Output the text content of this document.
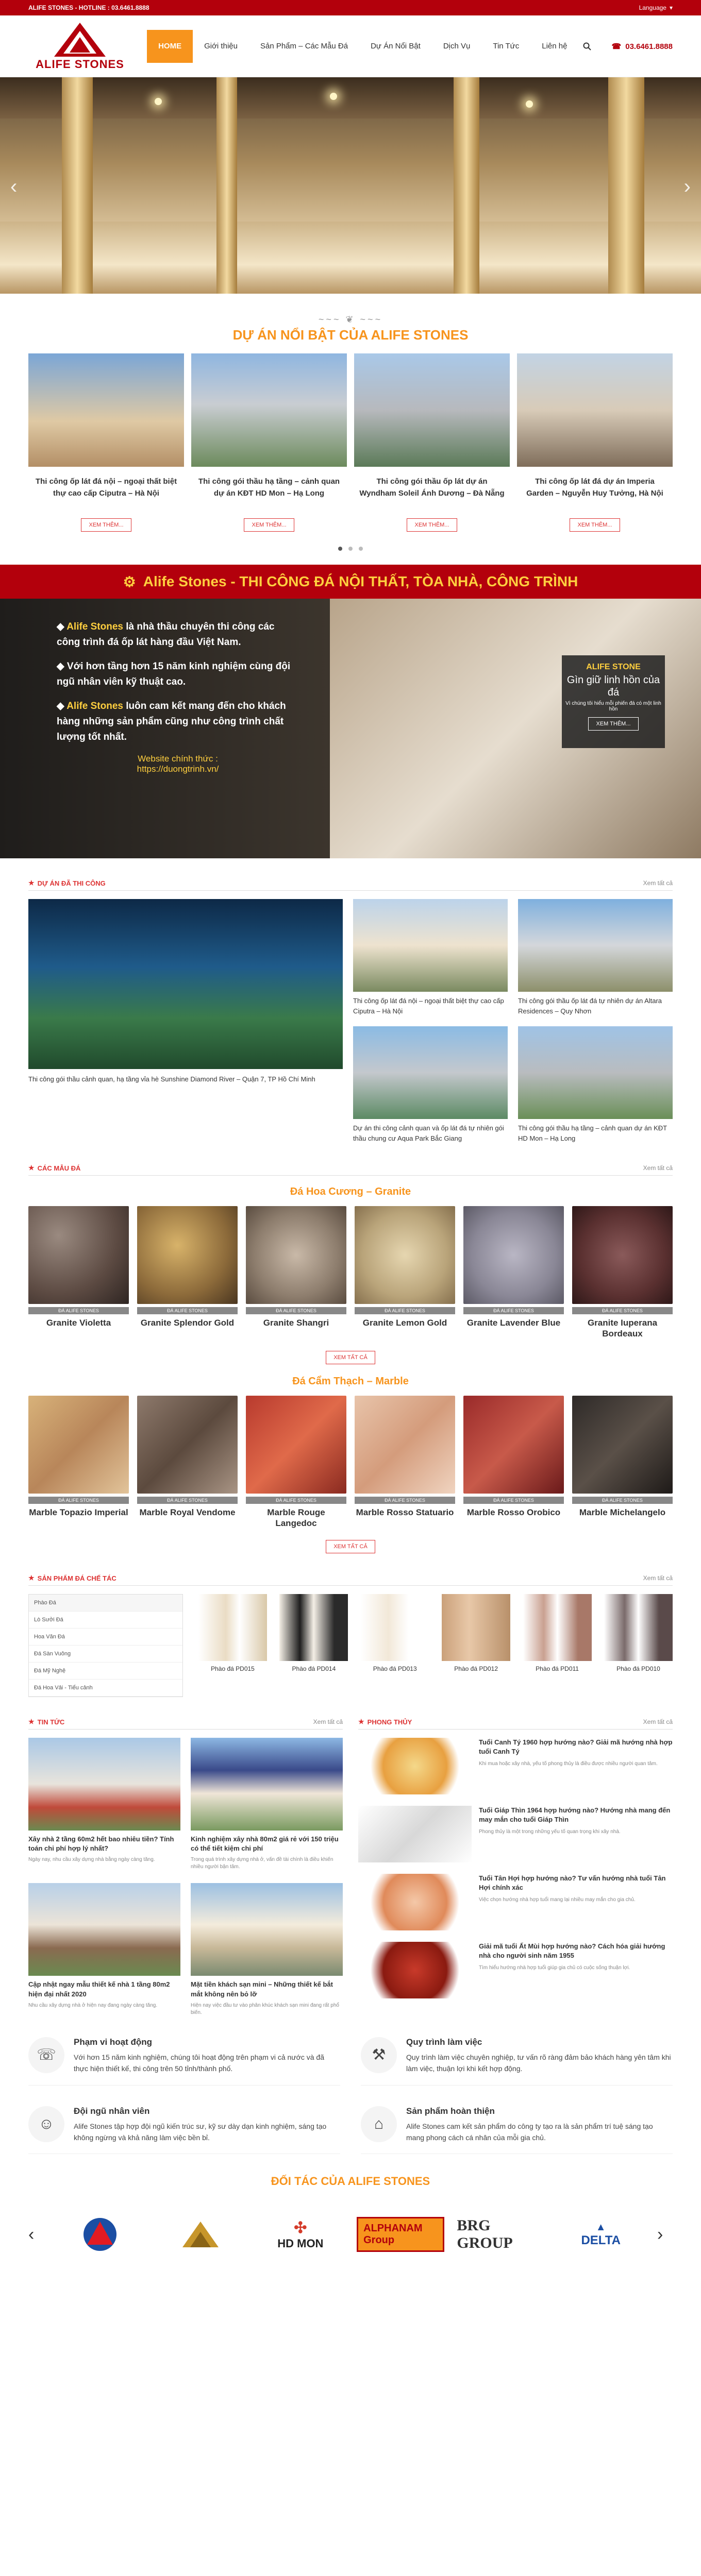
ALIFE STONES - HOTLINE : 03.6461.8888	Language ▾
ALIFE STONES
HOME	Giới thiệu	Sản Phẩm – Các Mẫu Đá	Dự Án Nổi Bật	Dịch Vụ	Tin Tức	Liên hệ	☎ 03.6461.8888
‹	›
~~~ ❦ ~~~
DỰ ÁN NỔI BẬT CỦA ALIFE STONES
Thi công ốp lát đá nội – ngoại thất biệt thự cao cấp Ciputra – Hà Nội
XEM THÊM...
Thi công gói thầu hạ tầng – cảnh quan dự án KĐT HD Mon – Hạ Long
XEM THÊM...
Thi công gói thầu ốp lát dự án Wyndham Soleil Ánh Dương – Đà Nẵng
XEM THÊM...
Thi công ốp lát đá dự án Imperia Garden – Nguyễn Huy Tưởng, Hà Nội
XEM THÊM...

⚙ Alife Stones - THI CÔNG ĐÁ NỘI THẤT, TÒA NHÀ, CÔNG TRÌNH

◆ Alife Stones là nhà thầu chuyên thi công các công trình đá ốp lát hàng đầu Việt Nam.

◆ Với hơn tầng hơn 15 năm kinh nghiệm cùng đội ngũ nhân viên kỹ thuật cao.

◆ Alife Stones luôn cam kết mang đến cho khách hàng những sản phẩm cũng như công trình chất lượng tốt nhất.

Website chính thức :
https://duongtrinh.vn/
ALIFE STONE
Gìn giữ linh hồn của đá
Vì chúng tôi hiểu mỗi phiến đá có một linh hồn
XEM THÊM...
★ DỰ ÁN ĐÃ THI CÔNG	Xem tất cả

Thi công gói thầu cảnh quan, hạ tầng vỉa hè Sunshine Diamond River – Quận 7, TP Hồ Chí Minh

Thi công ốp lát đá nội – ngoại thất biệt thự cao cấp Ciputra – Hà Nội

Thi công gói thầu ốp lát đá tự nhiên dự án Altara Residences – Quy Nhơn

Dự án thi công cảnh quan và ốp lát đá tự nhiên gói thầu chung cư Aqua Park Bắc Giang

Thi công gói thầu hạ tầng – cảnh quan dự án KĐT HD Mon – Hạ Long

★ CÁC MẪU ĐÁ	Xem tất cả
Đá Hoa Cương – Granite
ĐÁ ALIFE STONES
Granite Violetta
ĐÁ ALIFE STONES
Granite Splendor Gold
ĐÁ ALIFE STONES
Granite Shangri
ĐÁ ALIFE STONES
Granite Lemon Gold
ĐÁ ALIFE STONES
Granite Lavender Blue
ĐÁ ALIFE STONES
Granite Iuperana Bordeaux
XEM TẤT CẢ
Đá Cẩm Thạch – Marble
ĐÁ ALIFE STONES
Marble Topazio Imperial
ĐÁ ALIFE STONES
Marble Royal Vendome
ĐÁ ALIFE STONES
Marble Rouge Langedoc
ĐÁ ALIFE STONES
Marble Rosso Statuario
ĐÁ ALIFE STONES
Marble Rosso Orobico
ĐÁ ALIFE STONES
Marble Michelangelo
XEM TẤT CẢ
★ SẢN PHẨM ĐÁ CHẾ TÁC	Xem tất cả
Phào Đá
Lò Sưởi Đá
Hoa Văn Đá
Đá Sàn Vuông
Đá Mỹ Nghệ
Đá Hoa Vải - Tiểu cảnh

Phào đá PD015	Phào đá PD014	Phào đá PD013	Phào đá PD012	Phào đá PD011	Phào đá PD010

★ TIN TỨC	Xem tất cả
Xây nhà 2 tầng 60m2 hết bao nhiêu tiền? Tính toán chi phí hợp lý nhất?
Ngày nay, nhu cầu xây dựng nhà bằng ngày càng tăng.
Kinh nghiệm xây nhà 80m2 giá rẻ với 150 triệu có thể tiết kiệm chi phí
Trong quá trình xây dựng nhà ở, vấn đề tài chính là điều khiến nhiều người bận tâm.
Cập nhật ngay mẫu thiết kế nhà 1 tầng 80m2 hiện đại nhất 2020
Nhu cầu xây dựng nhà ở hiện nay đang ngày càng tăng.
Mặt tiền khách sạn mini – Những thiết kế bắt mắt không nên bỏ lỡ
Hiện nay việc đầu tư vào phân khúc khách sạn mini đang rất phổ biến.
★ PHONG THỦY	Xem tất cả
Tuổi Canh Tý 1960 hợp hướng nào? Giải mã hướng nhà hợp tuổi Canh Tý
Khi mua hoặc xây nhà, yếu tố phong thủy là điều được nhiều người quan tâm.
Tuổi Giáp Thìn 1964 hợp hướng nào? Hướng nhà mang đến may mắn cho tuổi Giáp Thìn
Phong thủy là một trong những yếu tố quan trọng khi xây nhà.
Tuổi Tân Hợi hợp hướng nào? Tư vấn hướng nhà tuổi Tân Hợi chính xác
Việc chọn hướng nhà hợp tuổi mang lại nhiều may mắn cho gia chủ.
Giải mã tuổi Ất Mùi hợp hướng nào? Cách hóa giải hướng nhà cho người sinh năm 1955
Tìm hiểu hướng nhà hợp tuổi giúp gia chủ có cuộc sống thuận lợi.
☏
Phạm vi hoạt động

Với hơn 15 năm kinh nghiệm, chúng tôi hoạt động trên phạm vi cả nước và đã thực hiện thiết kế, thi công trên 50 tỉnh/thành phố.

⚒
Quy trình làm việc

Quy trình làm việc chuyên nghiệp, tư vấn rõ ràng đảm bảo khách hàng yên tâm khi làm việc, thuận lợi khi kết hợp động.

☺
Đội ngũ nhân viên

Alife Stones tập hợp đội ngũ kiến trúc sư, kỹ sư dày dạn kinh nghiệm, sáng tạo không ngừng và khả năng làm việc bền bỉ.

⌂
Sản phẩm hoàn thiện

Alife Stones cam kết sản phẩm do công ty tạo ra là sản phẩm trí tuệ sáng tạo mang phong cách cá nhân của mỗi gia chủ.

ĐỐI TÁC CỦA ALIFE STONES
‹	✣
HD MON
ALPHANAM Group
BRG GROUP
▲
DELTA ›
